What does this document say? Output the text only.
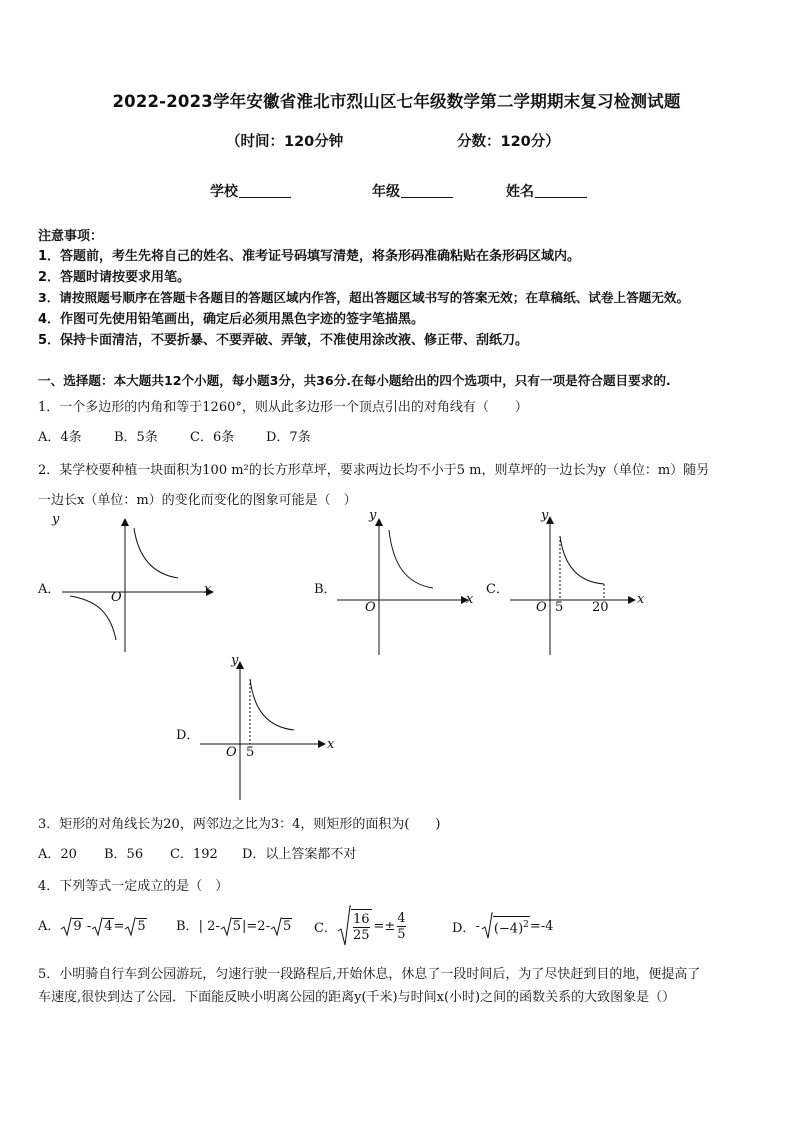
2022-2023学年安徽省淮北市烈山区七年级数学第二学期期末复习检测试题
（时间：120分钟	分数：120分）
学校	年级	姓名
注意事项：
1．答题前，考生先将自己的姓名、准考证号码填写清楚，将条形码准确粘贴在条形码区域内。
2．答题时请按要求用笔。
3．请按照题号顺序在答题卡各题目的答题区域内作答，超出答题区域书写的答案无效；在草稿纸、试卷上答题无效。
4．作图可先使用铅笔画出，确定后必须用黑色字迹的签字笔描黑。
5．保持卡面清洁，不要折暴、不要弄破、弄皱，不准使用涂改液、修正带、刮纸刀。
一、选择题：本大题共12个小题，每小题3分，共36分.在每小题给出的四个选项中，只有一项是符合题目要求的.
1．一个多边形的内角和等于1260°，则从此多边形一个顶点引出的对角线有（　　）
A．4条 B．5条 C．6条 D．7条
2．某学校要种植一块面积为100 m²的长方形草坪，要求两边长均不小于5 m，则草坪的一边长为y（单位：m）随另
一边长x（单位：m）的变化而变化的图象可能是（　）
A．
y
x
O
B．
y
x
O
C．
y
x
O 5 20
D．
y
x
O 5
3．矩形的对角线长为20，两邻边之比为3：4，则矩形的面积为(　　)
A．20 B．56 C．192 D．以上答案都不对
4．下列等式一定成立的是（　）
A． 9 - 4= 5 B．| 2- 5|=2- 5 C． $\frac{16}{25} =\pm \frac{4}{5}$	D． - $(-4)^2 =-4$
5．小明骑自行车到公园游玩，匀速行驶一段路程后,开始休息，休息了一段时间后，为了尽快赶到目的地，便提高了
车速度,很快到达了公园．下面能反映小明离公园的距离y(千米)与时间x(小时)之间的函数关系的大致图象是（）
